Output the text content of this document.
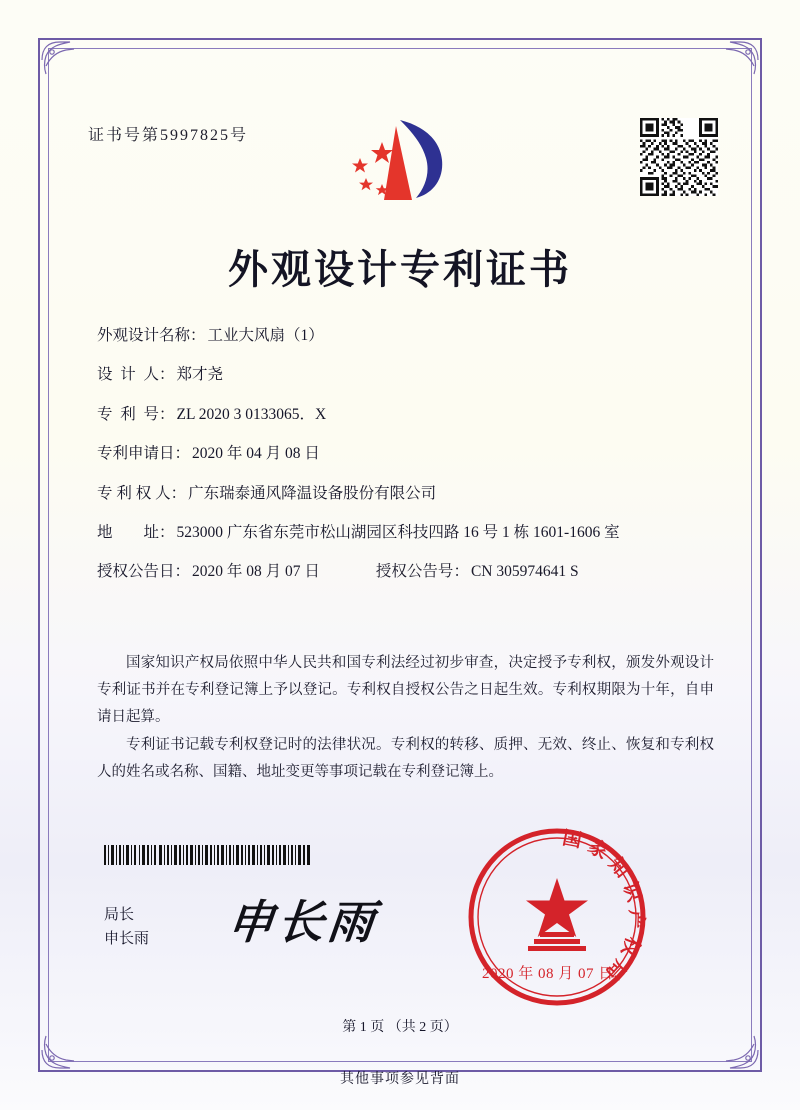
证书号第5997825号
外观设计专利证书
外观设计名称 ： 工业大风扇（1）
设  计  人 ： 郑才尧
专  利  号 ： ZL 2020 3 0133065．X
专利申请日 ： 2020 年 04 月 08 日
专 利 权 人 ： 广东瑞泰通风降温设备股份有限公司
地        址 ： 523000 广东省东莞市松山湖园区科技四路 16 号 1 栋 1601-1606 室
授权公告日 ： 2020 年 08 月 07 日	授权公告号 ： CN 305974641 S

国家知识产权局依照中华人民共和国专利法经过初步审查，决定授予专利权，颁发外观设计专利证书并在专利登记簿上予以登记。专利权自授权公告之日起生效。专利权期限为十年，自申请日起算。

专利证书记载专利权登记时的法律状况。专利权的转移、质押、无效、终止、恢复和专利权人的姓名或名称、国籍、地址变更等事项记载在专利登记簿上。

局长
申长雨 申长雨
国 家 知 识 产 权 局
2020 年 08 月 07 日
第 1 页 （共 2 页）
其他事项参见背面
